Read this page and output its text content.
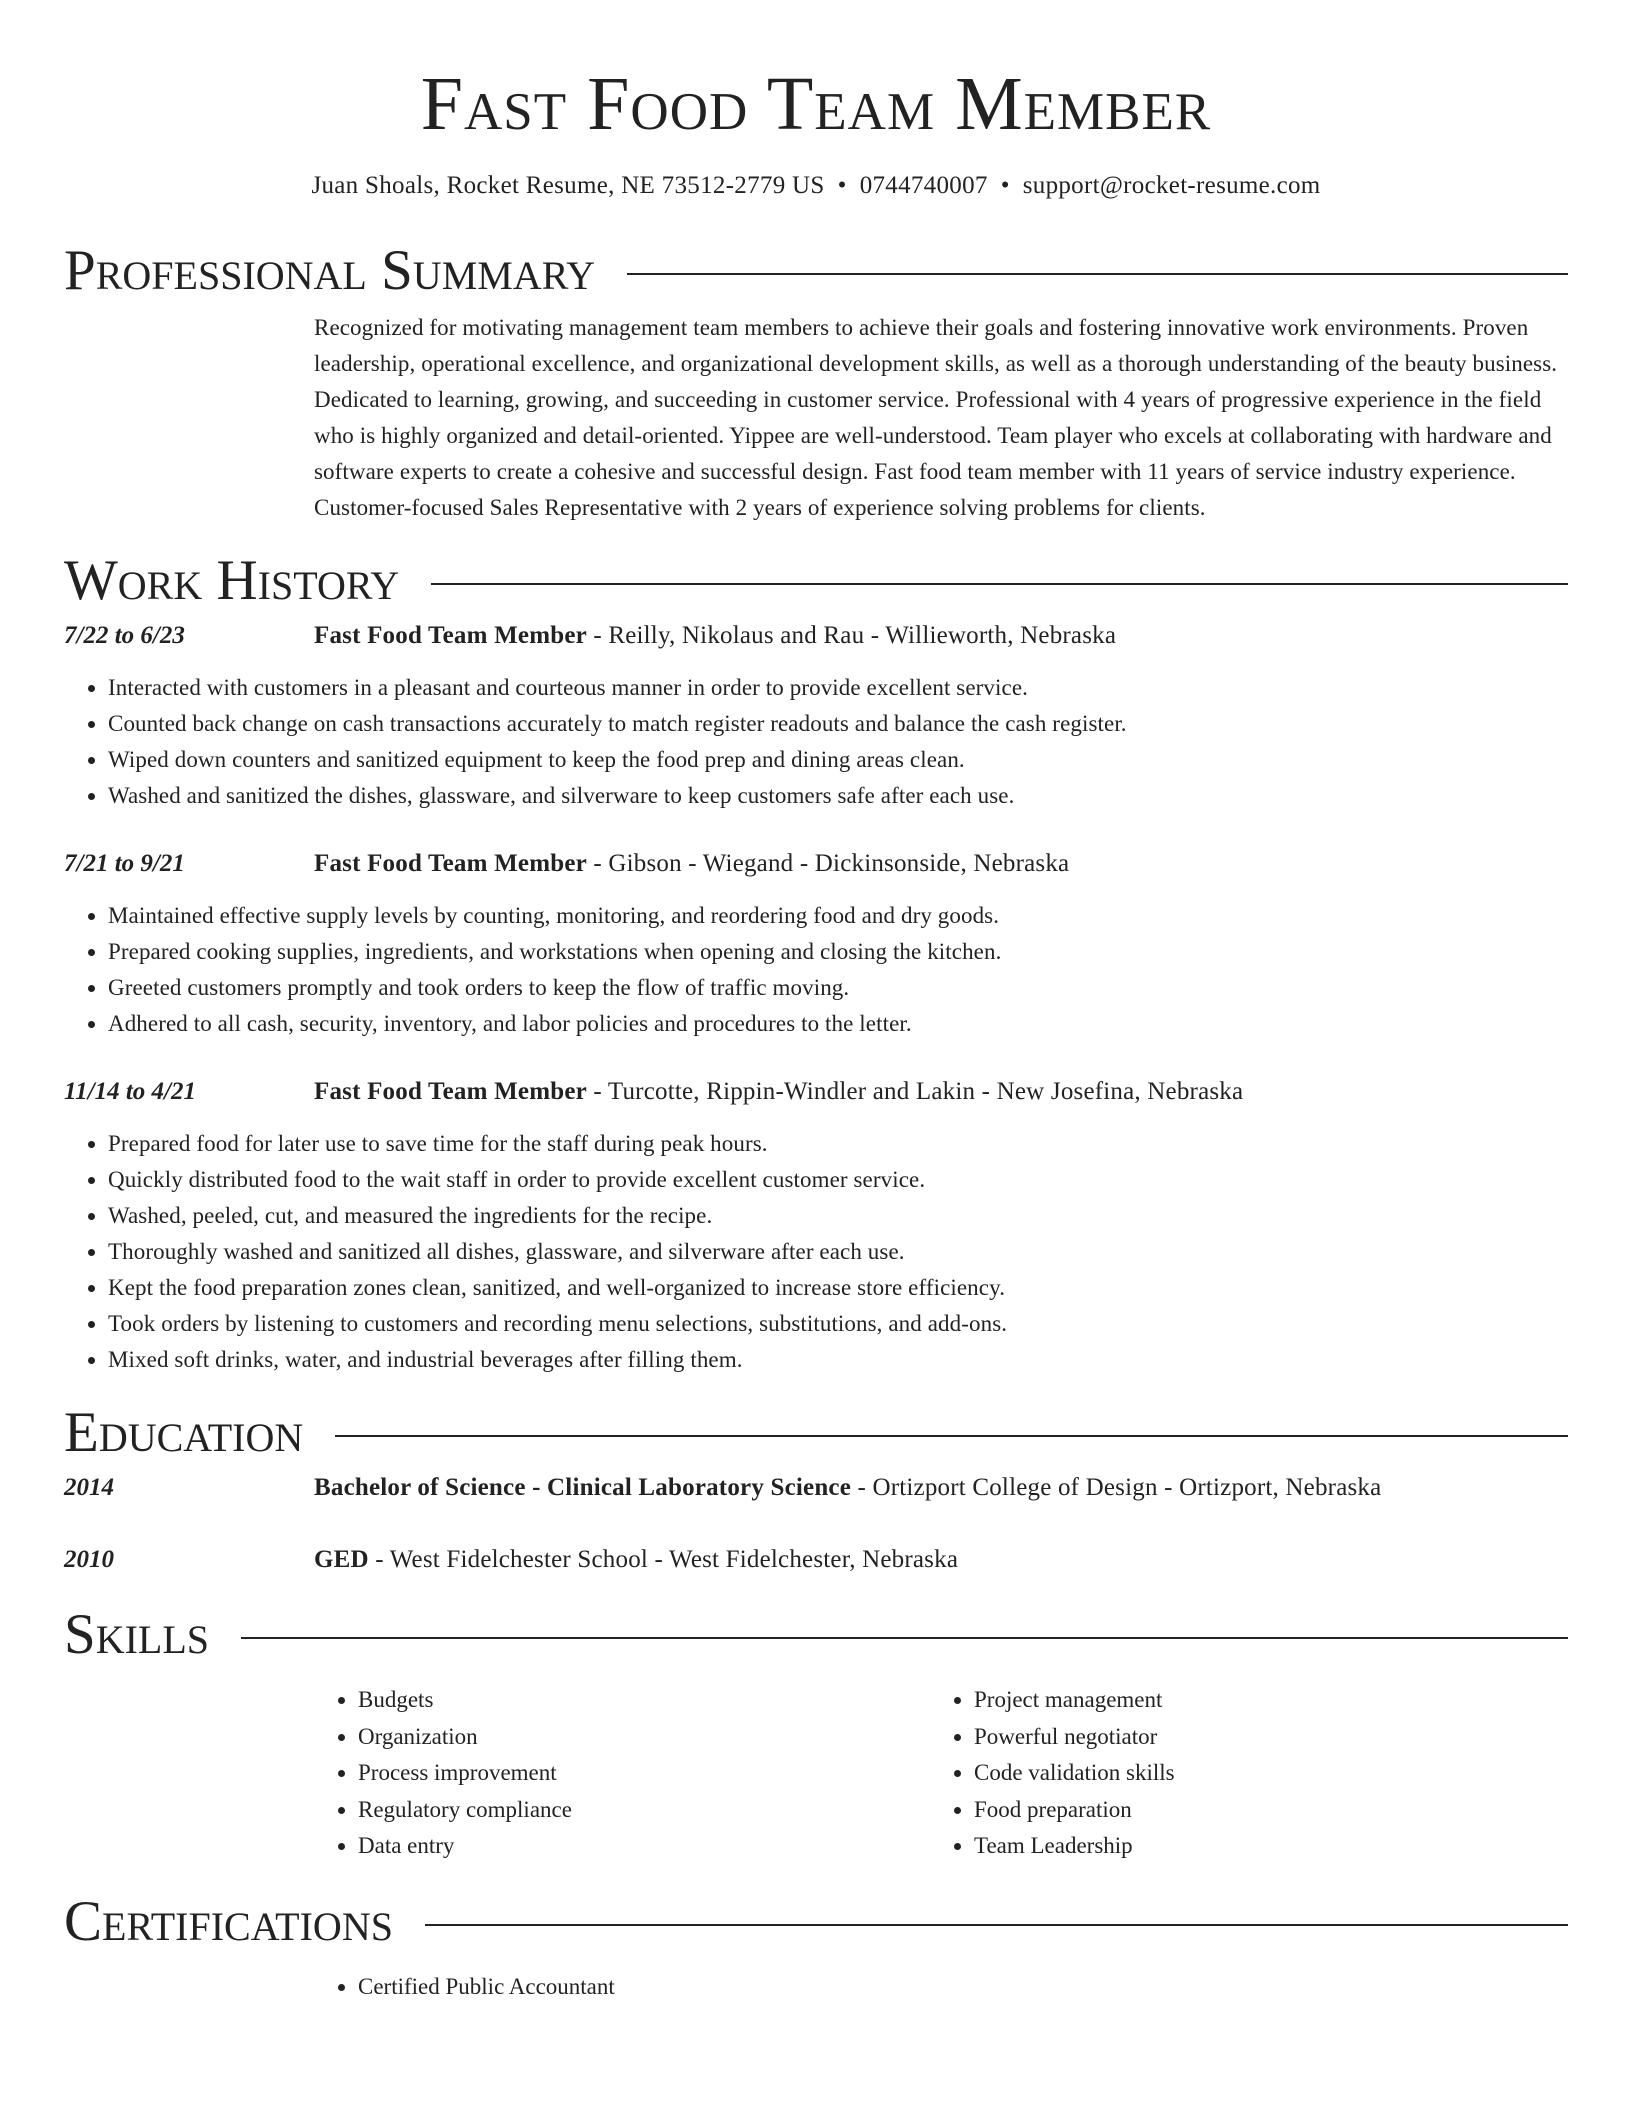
Fast Food Team Member
Juan Shoals, Rocket Resume, NE 73512-2779 US • 0744740007 • support@rocket-resume.com
Professional Summary
Recognized for motivating management team members to achieve their goals and fostering innovative work environments. Proven leadership, operational excellence, and organizational development skills, as well as a thorough understanding of the beauty business. Dedicated to learning, growing, and succeeding in customer service. Professional with 4 years of progressive experience in the field who is highly organized and detail-oriented. Yippee are well-understood. Team player who excels at collaborating with hardware and software experts to create a cohesive and successful design. Fast food team member with 11 years of service industry experience. Customer-focused Sales Representative with 2 years of experience solving problems for clients.
Work History
7/22 to 6/23	Fast Food Team Member - Reilly, Nikolaus and Rau - Willieworth, Nebraska
• Interacted with customers in a pleasant and courteous manner in order to provide excellent service.
• Counted back change on cash transactions accurately to match register readouts and balance the cash register.
• Wiped down counters and sanitized equipment to keep the food prep and dining areas clean.
• Washed and sanitized the dishes, glassware, and silverware to keep customers safe after each use.
7/21 to 9/21	Fast Food Team Member - Gibson - Wiegand - Dickinsonside, Nebraska
• Maintained effective supply levels by counting, monitoring, and reordering food and dry goods.
• Prepared cooking supplies, ingredients, and workstations when opening and closing the kitchen.
• Greeted customers promptly and took orders to keep the flow of traffic moving.
• Adhered to all cash, security, inventory, and labor policies and procedures to the letter.
11/14 to 4/21	Fast Food Team Member - Turcotte, Rippin-Windler and Lakin - New Josefina, Nebraska
• Prepared food for later use to save time for the staff during peak hours.
• Quickly distributed food to the wait staff in order to provide excellent customer service.
• Washed, peeled, cut, and measured the ingredients for the recipe.
• Thoroughly washed and sanitized all dishes, glassware, and silverware after each use.
• Kept the food preparation zones clean, sanitized, and well-organized to increase store efficiency.
• Took orders by listening to customers and recording menu selections, substitutions, and add-ons.
• Mixed soft drinks, water, and industrial beverages after filling them.
Education
2014	Bachelor of Science - Clinical Laboratory Science - Ortizport College of Design - Ortizport, Nebraska
2010	GED - West Fidelchester School - West Fidelchester, Nebraska
Skills
• Budgets
• Organization
• Process improvement
• Regulatory compliance
• Data entry
• Project management
• Powerful negotiator
• Code validation skills
• Food preparation
• Team Leadership
Certifications
• Certified Public Accountant
